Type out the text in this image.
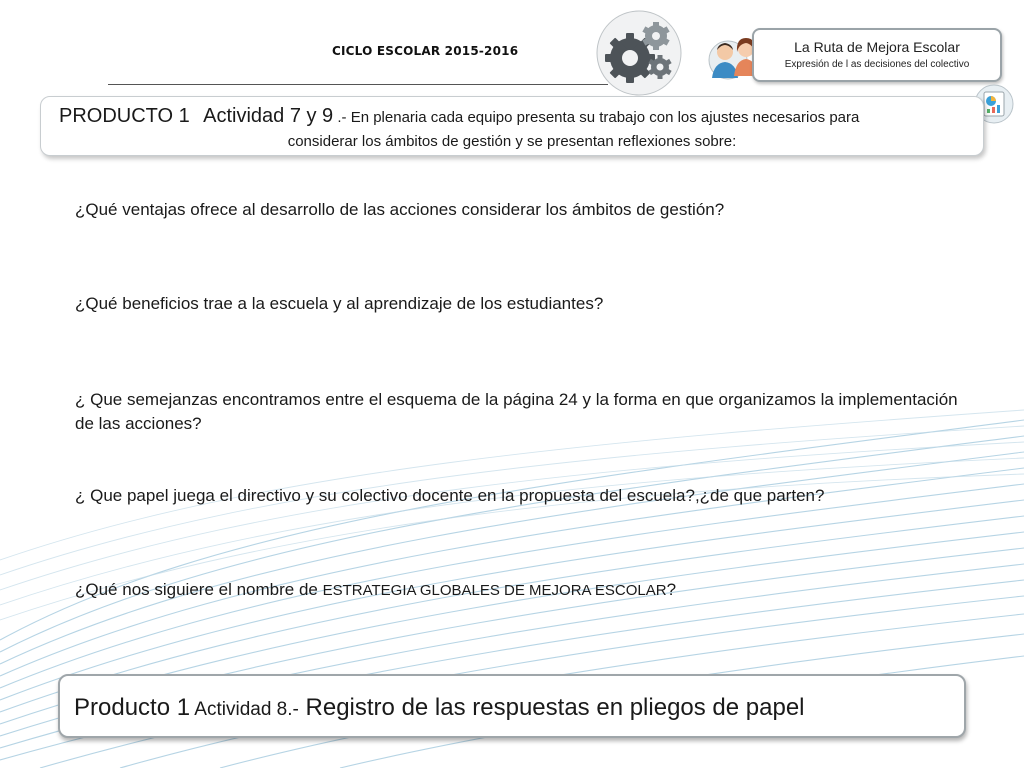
CICLO ESCOLAR 2015-2016	La Ruta de Mejora Escolar
Expresión de l as decisiones del colectivo
PRODUCTO 1 Actividad 7 y 9 .- En plenaria cada equipo presenta su trabajo con los ajustes necesarios para
considerar los ámbitos de gestión y se presentan reflexiones sobre:
¿Qué ventajas ofrece al desarrollo de las acciones considerar los ámbitos de gestión?
¿Qué beneficios trae a la escuela y al aprendizaje de los estudiantes?
¿ Que semejanzas encontramos entre el esquema de la página 24 y la forma en que organizamos la implementación de las acciones?
¿ Que papel juega el directivo y su colectivo docente en la propuesta del escuela?,¿de que parten?
¿Qué nos siguiere el nombre de ESTRATEGIA GLOBALES DE MEJORA ESCOLAR?
Producto 1 Actividad 8.- Registro de las respuestas en pliegos de papel
